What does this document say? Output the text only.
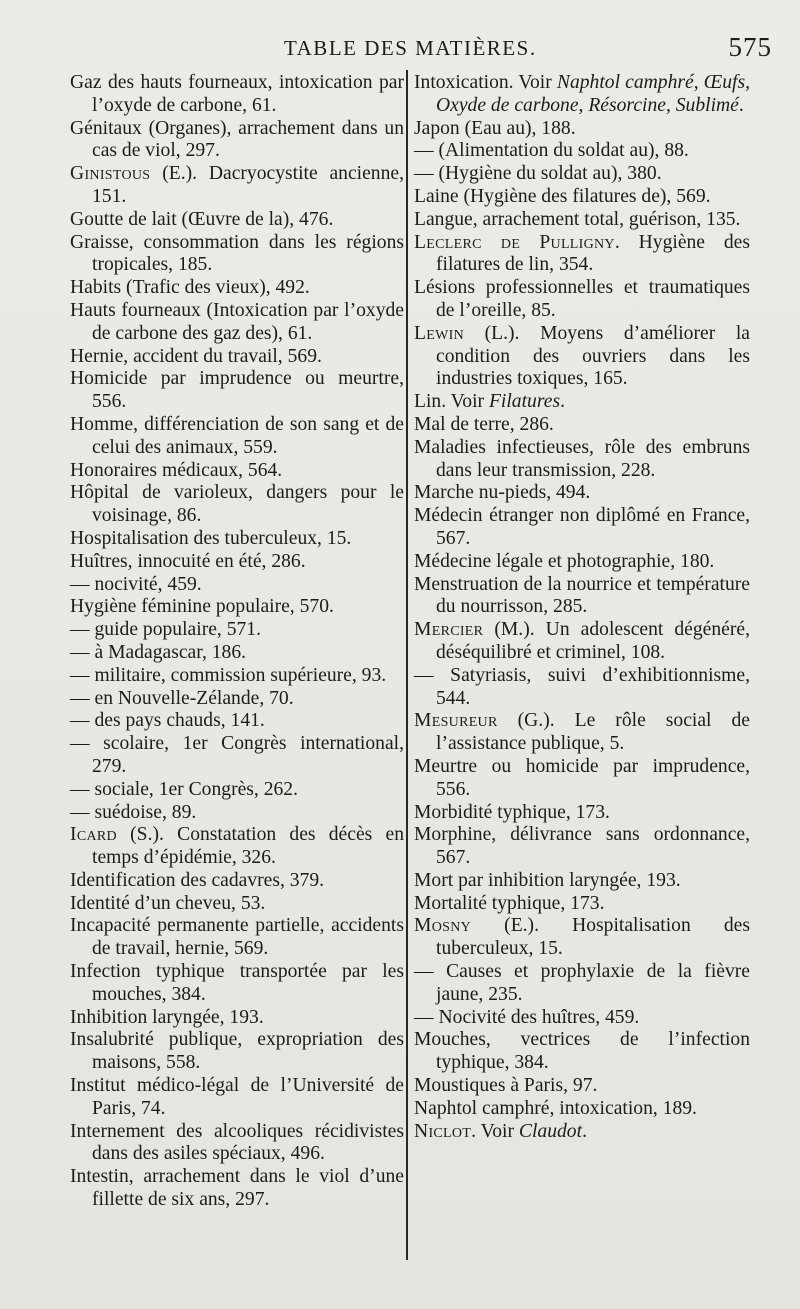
TABLE DES MATIÈRES.	575

Gaz des hauts fourneaux, intoxication par l’oxyde de carbone, 61.

Génitaux (Organes), arrachement dans un cas de viol, 297.

Ginistous (E.). Dacryocystite ancienne, 151.

Goutte de lait (Œuvre de la), 476.

Graisse, consommation dans les régions tropicales, 185.

Habits (Trafic des vieux), 492.

Hauts fourneaux (Intoxication par l’oxyde de carbone des gaz des), 61.

Hernie, accident du travail, 569.

Homicide par imprudence ou meurtre, 556.

Homme, différenciation de son sang et de celui des animaux, 559.

Honoraires médicaux, 564.

Hôpital de varioleux, dangers pour le voisinage, 86.

Hospitalisation des tuberculeux, 15.

Huîtres, innocuité en été, 286.

— nocivité, 459.

Hygiène féminine populaire, 570.

— guide populaire, 571.

— à Madagascar, 186.

— militaire, commission supérieure, 93.

— en Nouvelle-Zélande, 70.

— des pays chauds, 141.

— scolaire, 1er Congrès international, 279.

— sociale, 1er Congrès, 262.

— suédoise, 89.

Icard (S.). Constatation des décès en temps d’épidémie, 326.

Identification des cadavres, 379.

Identité d’un cheveu, 53.

Incapacité permanente partielle, accidents de travail, hernie, 569.

Infection typhique transportée par les mouches, 384.

Inhibition laryngée, 193.

Insalubrité publique, expropriation des maisons, 558.

Institut médico-légal de l’Université de Paris, 74.

Internement des alcooliques récidivistes dans des asiles spéciaux, 496.

Intestin, arrachement dans le viol d’une fillette de six ans, 297.

Intoxication. Voir Naphtol camphré, Œufs, Oxyde de carbone, Résorcine, Sublimé.

Japon (Eau au), 188.

— (Alimentation du soldat au), 88.

— (Hygiène du soldat au), 380.

Laine (Hygiène des filatures de), 569.

Langue, arrachement total, guérison, 135.

Leclerc de Pulligny. Hygiène des filatures de lin, 354.

Lésions professionnelles et traumatiques de l’oreille, 85.

Lewin (L.). Moyens d’améliorer la condition des ouvriers dans les industries toxiques, 165.

Lin. Voir Filatures.

Mal de terre, 286.

Maladies infectieuses, rôle des embruns dans leur transmission, 228.

Marche nu-pieds, 494.

Médecin étranger non diplômé en France, 567.

Médecine légale et photographie, 180.

Menstruation de la nourrice et température du nourrisson, 285.

Mercier (M.). Un adolescent dégénéré, déséquilibré et criminel, 108.

— Satyriasis, suivi d’exhibitionnisme, 544.

Mesureur (G.). Le rôle social de l’assistance publique, 5.

Meurtre ou homicide par imprudence, 556.

Morbidité typhique, 173.

Morphine, délivrance sans ordonnance, 567.

Mort par inhibition laryngée, 193.

Mortalité typhique, 173.

Mosny (E.). Hospitalisation des tuberculeux, 15.

— Causes et prophylaxie de la fièvre jaune, 235.

— Nocivité des huîtres, 459.

Mouches, vectrices de l’infection typhique, 384.

Moustiques à Paris, 97.

Naphtol camphré, intoxication, 189.

Niclot. Voir Claudot.
